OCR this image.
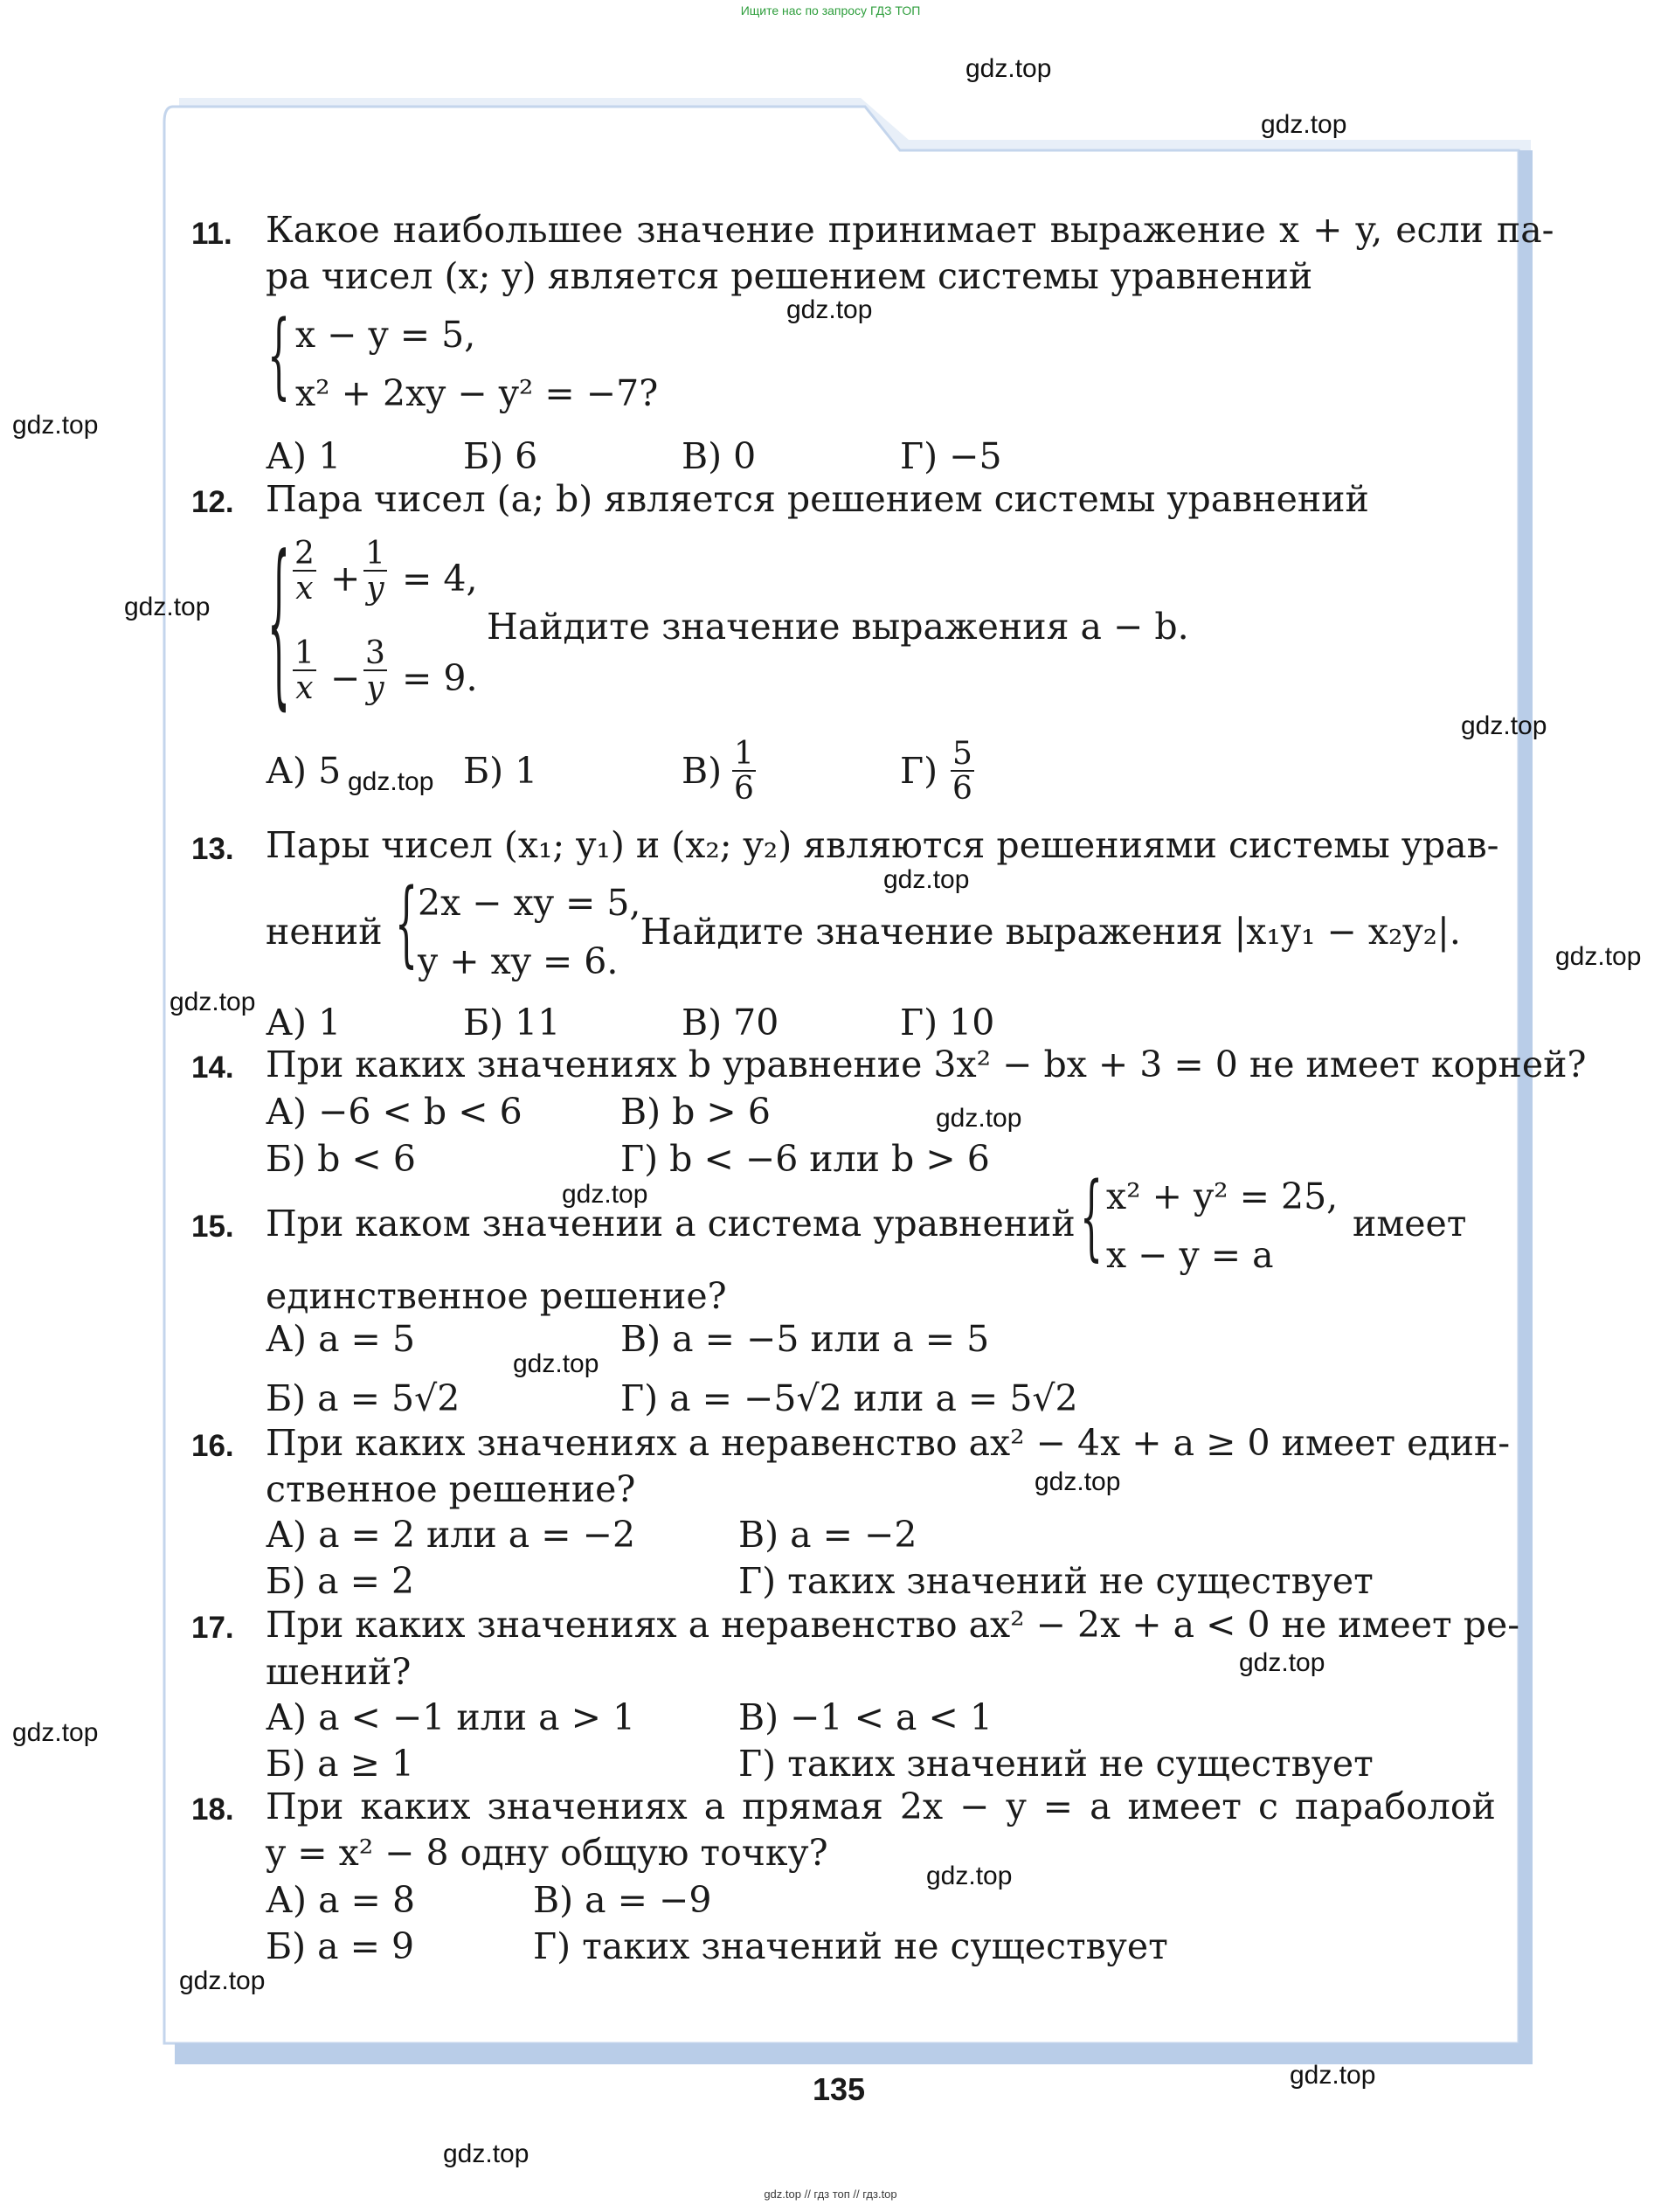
Ищите нас по запросу ГДЗ ТОП
11. Какое наибольшее значение принимает выражение x + y, если па-
ра чисел (x; y) является решением системы уравнений
{ x − y = 5,
x² + 2xy − y² = −7?
А) 1	Б) 6	В) 0	Г) −5
12. Пара чисел (a; b) является решением системы уравнений
{ $\frac{2}{x} + \frac{1}{y} = 4$,
$\frac{1}{x} - \frac{3}{y} = 9$.
Найдите значение выражения a − b.
А) 5	Б) 1	$В) \frac{1}{6}$	$Г) \frac{5}{6}$
13. Пары чисел (x₁; y₁) и (x₂; y₂) являются решениями системы урав-
нений { 2x − xy = 5,
y + xy = 6.
Найдите значение выражения |x₁y₁ − x₂y₂|.
А) 1	Б) 11	В) 70	Г) 10
14. При каких значениях b уравнение 3x² − bx + 3 = 0 не имеет корней?
А) −6 < b < 6	В) b > 6
Б) b < 6	Г) b < −6 или b > 6
15. При каком значении a система уравнений { x² + y² = 25,
x − y = a
имеет
единственное решение?
А) a = 5	В) a = −5 или a = 5
Б) a = 5√2	Г) a = −5√2 или a = 5√2
16. При каких значениях a неравенство ax² − 4x + a ≥ 0 имеет един-
ственное решение?
А) a = 2 или a = −2	В) a = −2
Б) a = 2	Г) таких значений не существует
17. При каких значениях a неравенство ax² − 2x + a < 0 не имеет ре-
шений?
А) a < −1 или a > 1	В) −1 < a < 1
Б) a ≥ 1	Г) таких значений не существует
18. При каких значениях a прямая 2x − y = a имеет с параболой
y = x² − 8 одну общую точку?
А) a = 8	В) a = −9
Б) a = 9	Г) таких значений не существует
135
gdz.top
gdz.top
gdz.top
gdz.top
gdz.top
gdz.top
gdz.top
gdz.top
gdz.top
gdz.top
gdz.top
gdz.top
gdz.top
gdz.top
gdz.top
gdz.top
gdz.top
gdz.top
gdz.top
gdz.top
gdz.top // гдз топ // гдз.top
